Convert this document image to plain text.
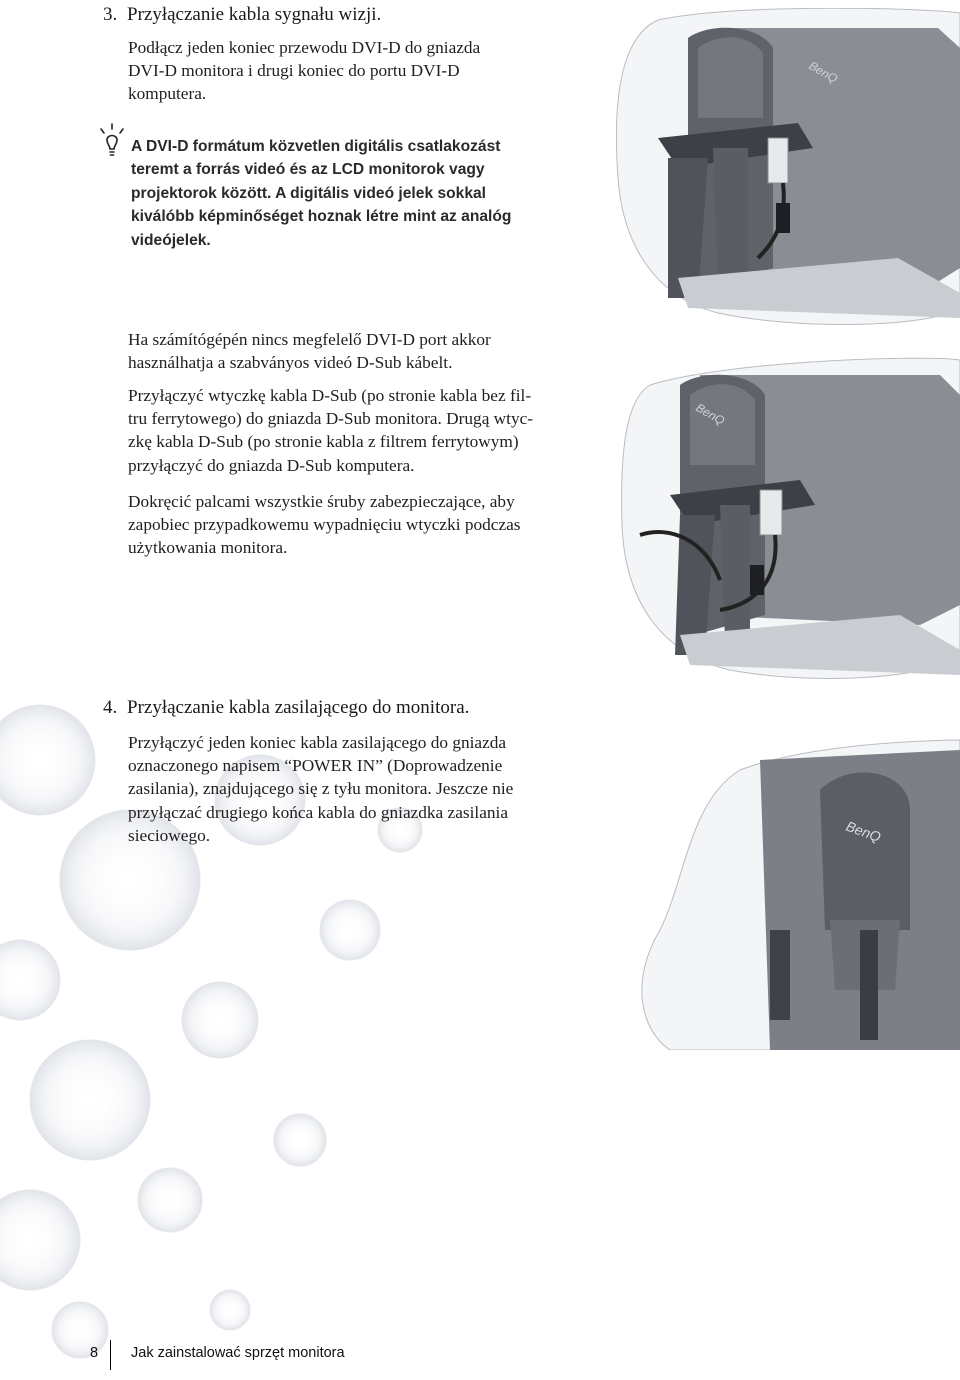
BenQ
BenQ
BenQ
3. Przyłączanie kabla sygnału wizji.
Podłącz jeden koniec przewodu DVI-D do gniazda
DVI-D monitora i drugi koniec do portu DVI-D
komputera.
A DVI-D formátum közvetlen digitális csatlakozást
teremt a forrás videó és az LCD monitorok vagy
projektorok között. A digitális videó jelek sokkal
kiválóbb képminőséget hoznak létre mint az analóg
videójelek.
Ha számítógépén nincs megfelelő DVI-D port akkor
használhatja a szabványos videó D-Sub kábelt.
Przyłączyć wtyczkę kabla D-Sub (po stronie kabla bez fil-
tru ferrytowego) do gniazda D-Sub monitora. Drugą wtyc-
zkę kabla D-Sub (po stronie kabla z filtrem ferrytowym)
przyłączyć do gniazda D-Sub komputera.
Dokręcić palcami wszystkie śruby zabezpieczające, aby
zapobiec przypadkowemu wypadnięciu wtyczki podczas
użytkowania monitora.
4. Przyłączanie kabla zasilającego do monitora.
Przyłączyć jeden koniec kabla zasilającego do gniazda
oznaczonego napisem “POWER IN” (Doprowadzenie
zasilania), znajdującego się z tyłu monitora. Jeszcze nie
przyłączać drugiego końca kabla do gniazdka zasilania
sieciowego.
8 Jak zainstalować sprzęt monitora
